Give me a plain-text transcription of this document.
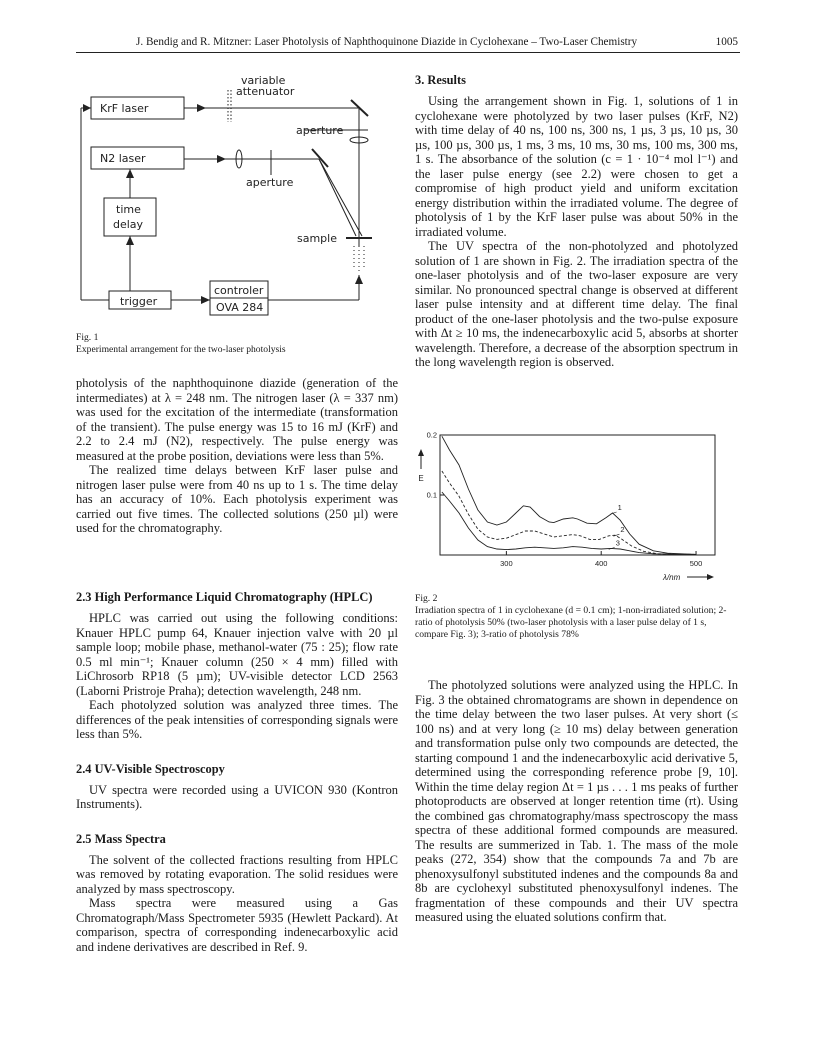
J. Bendig and R. Mitzner: Laser Photolysis of Naphthoquinone Diazide in Cyclohexane – Two-Laser Chemistry	1005
variable
attenuator
KrF laser
N2 laser
aperture
aperture
time
delay
sample
trigger
controler
OVA 284
Fig. 1
Experimental arrangement for the two-laser photolysis

photolysis of the naphthoquinone diazide (generation of the intermediates) at λ = 248 nm. The nitrogen laser (λ = 337 nm) was used for the excitation of the intermediate (transformation of the transient). The pulse energy was 15 to 16 mJ (KrF) and 2.2 to 2.4 mJ (N2), respectively. The pulse energy was measured at the probe position, deviations were less than 5%.

The realized time delays between KrF laser pulse and nitrogen laser pulse were from 40 ns up to 1 s. The time delay has an accuracy of 10%. Each photolysis experiment was carried out five times. The collected solutions (250 µl) were used for the chromatography.

2.3 High Performance Liquid Chromatography (HPLC)

HPLC was carried out using the following conditions: Knauer HPLC pump 64, Knauer injection valve with 20 µl sample loop; mobile phase, methanol-water (75 : 25); flow rate 0.5 ml min⁻¹; Knauer column (250 × 4 mm) filled with LiChrosorb RP18 (5 µm); UV-visible detector LCD 2563 (Laborni Pristroje Praha); detection wavelength, 248 nm.

Each photolyzed solution was analyzed three times. The differences of the peak intensities of corresponding signals were less than 5%.

2.4 UV-Visible Spectroscopy

UV spectra were recorded using a UVICON 930 (Kontron Instruments).

2.5 Mass Spectra

The solvent of the collected fractions resulting from HPLC was removed by rotating evaporation. The solid residues were analyzed by mass spectroscopy.

Mass spectra were measured using a Gas Chromatograph/Mass Spectrometer 5935 (Hewlett Packard). At comparison, spectra of corresponding indenecarboxylic acid and indene derivatives are described in Ref. 9.

3. Results

Using the arrangement shown in Fig. 1, solutions of 1 in cyclohexane were photolyzed by two laser pulses (KrF, N2) with time delay of 40 ns, 100 ns, 300 ns, 1 µs, 3 µs, 10 µs, 30 µs, 100 µs, 300 µs, 1 ms, 3 ms, 10 ms, 30 ms, 100 ms, 300 ms, 1 s. The absorbance of the solution (c = 1 · 10⁻⁴ mol l⁻¹) and the laser pulse energy (see 2.2) were chosen to get a compromise of high product yield and uniform excitation energy distribution within the irradiated volume. The degree of photolysis of 1 by the KrF laser pulse was about 50% in the irradiated volume.

The UV spectra of the non-photolyzed and photolyzed solution of 1 are shown in Fig. 2. The irradiation spectra of the one-laser photolysis and of the two-laser exposure are very similar. No pronounced spectral change is observed at different laser pulse intensity and at different time delay. The final product of the one-laser photolysis and the two-pulse exposure with Δt ≥ 10 ms, the indenecarboxylic acid 5, absorbs at shorter wavelength. Therefore, a decrease of the absorption spectrum in the long wavelength region is observed.

300	400	500
0.1
0.2
E
λ/nm
1
2
3
Fig. 2
Irradiation spectra of 1 in cyclohexane (d = 0.1 cm); 1-non-irradiated solution; 2-ratio of photolysis 50% (two-laser photolysis with a laser pulse delay of 1 s, compare Fig. 3); 3-ratio of photolysis 78%

The photolyzed solutions were analyzed using the HPLC. In Fig. 3 the obtained chromatograms are shown in dependence on the time delay between the two laser pulses. At very short (≤ 100 ns) and at very long (≥ 10 ms) delay between generation and transformation pulse only two compounds are detected, the starting compound 1 and the indenecarboxylic acid derivative 5, determined using the corresponding reference probe [9, 10]. Within the time delay region Δt = 1 µs . . . 1 ms peaks of further photoproducts are observed at longer retention time (rt). Using the combined gas chromatography/mass spectroscopy the mass spectra of these additional formed compounds are measured. The results are summerized in Tab. 1. The mass of the mole peaks (272, 354) show that the compounds 7a and 7b are phenoxysulfonyl substituted indenes and the compounds 8a and 8b are cyclohexyl substituted phenoxysulfonyl indenes. The fragmentation of these compounds and their UV spectra measured using the eluated solutions confirm that.
